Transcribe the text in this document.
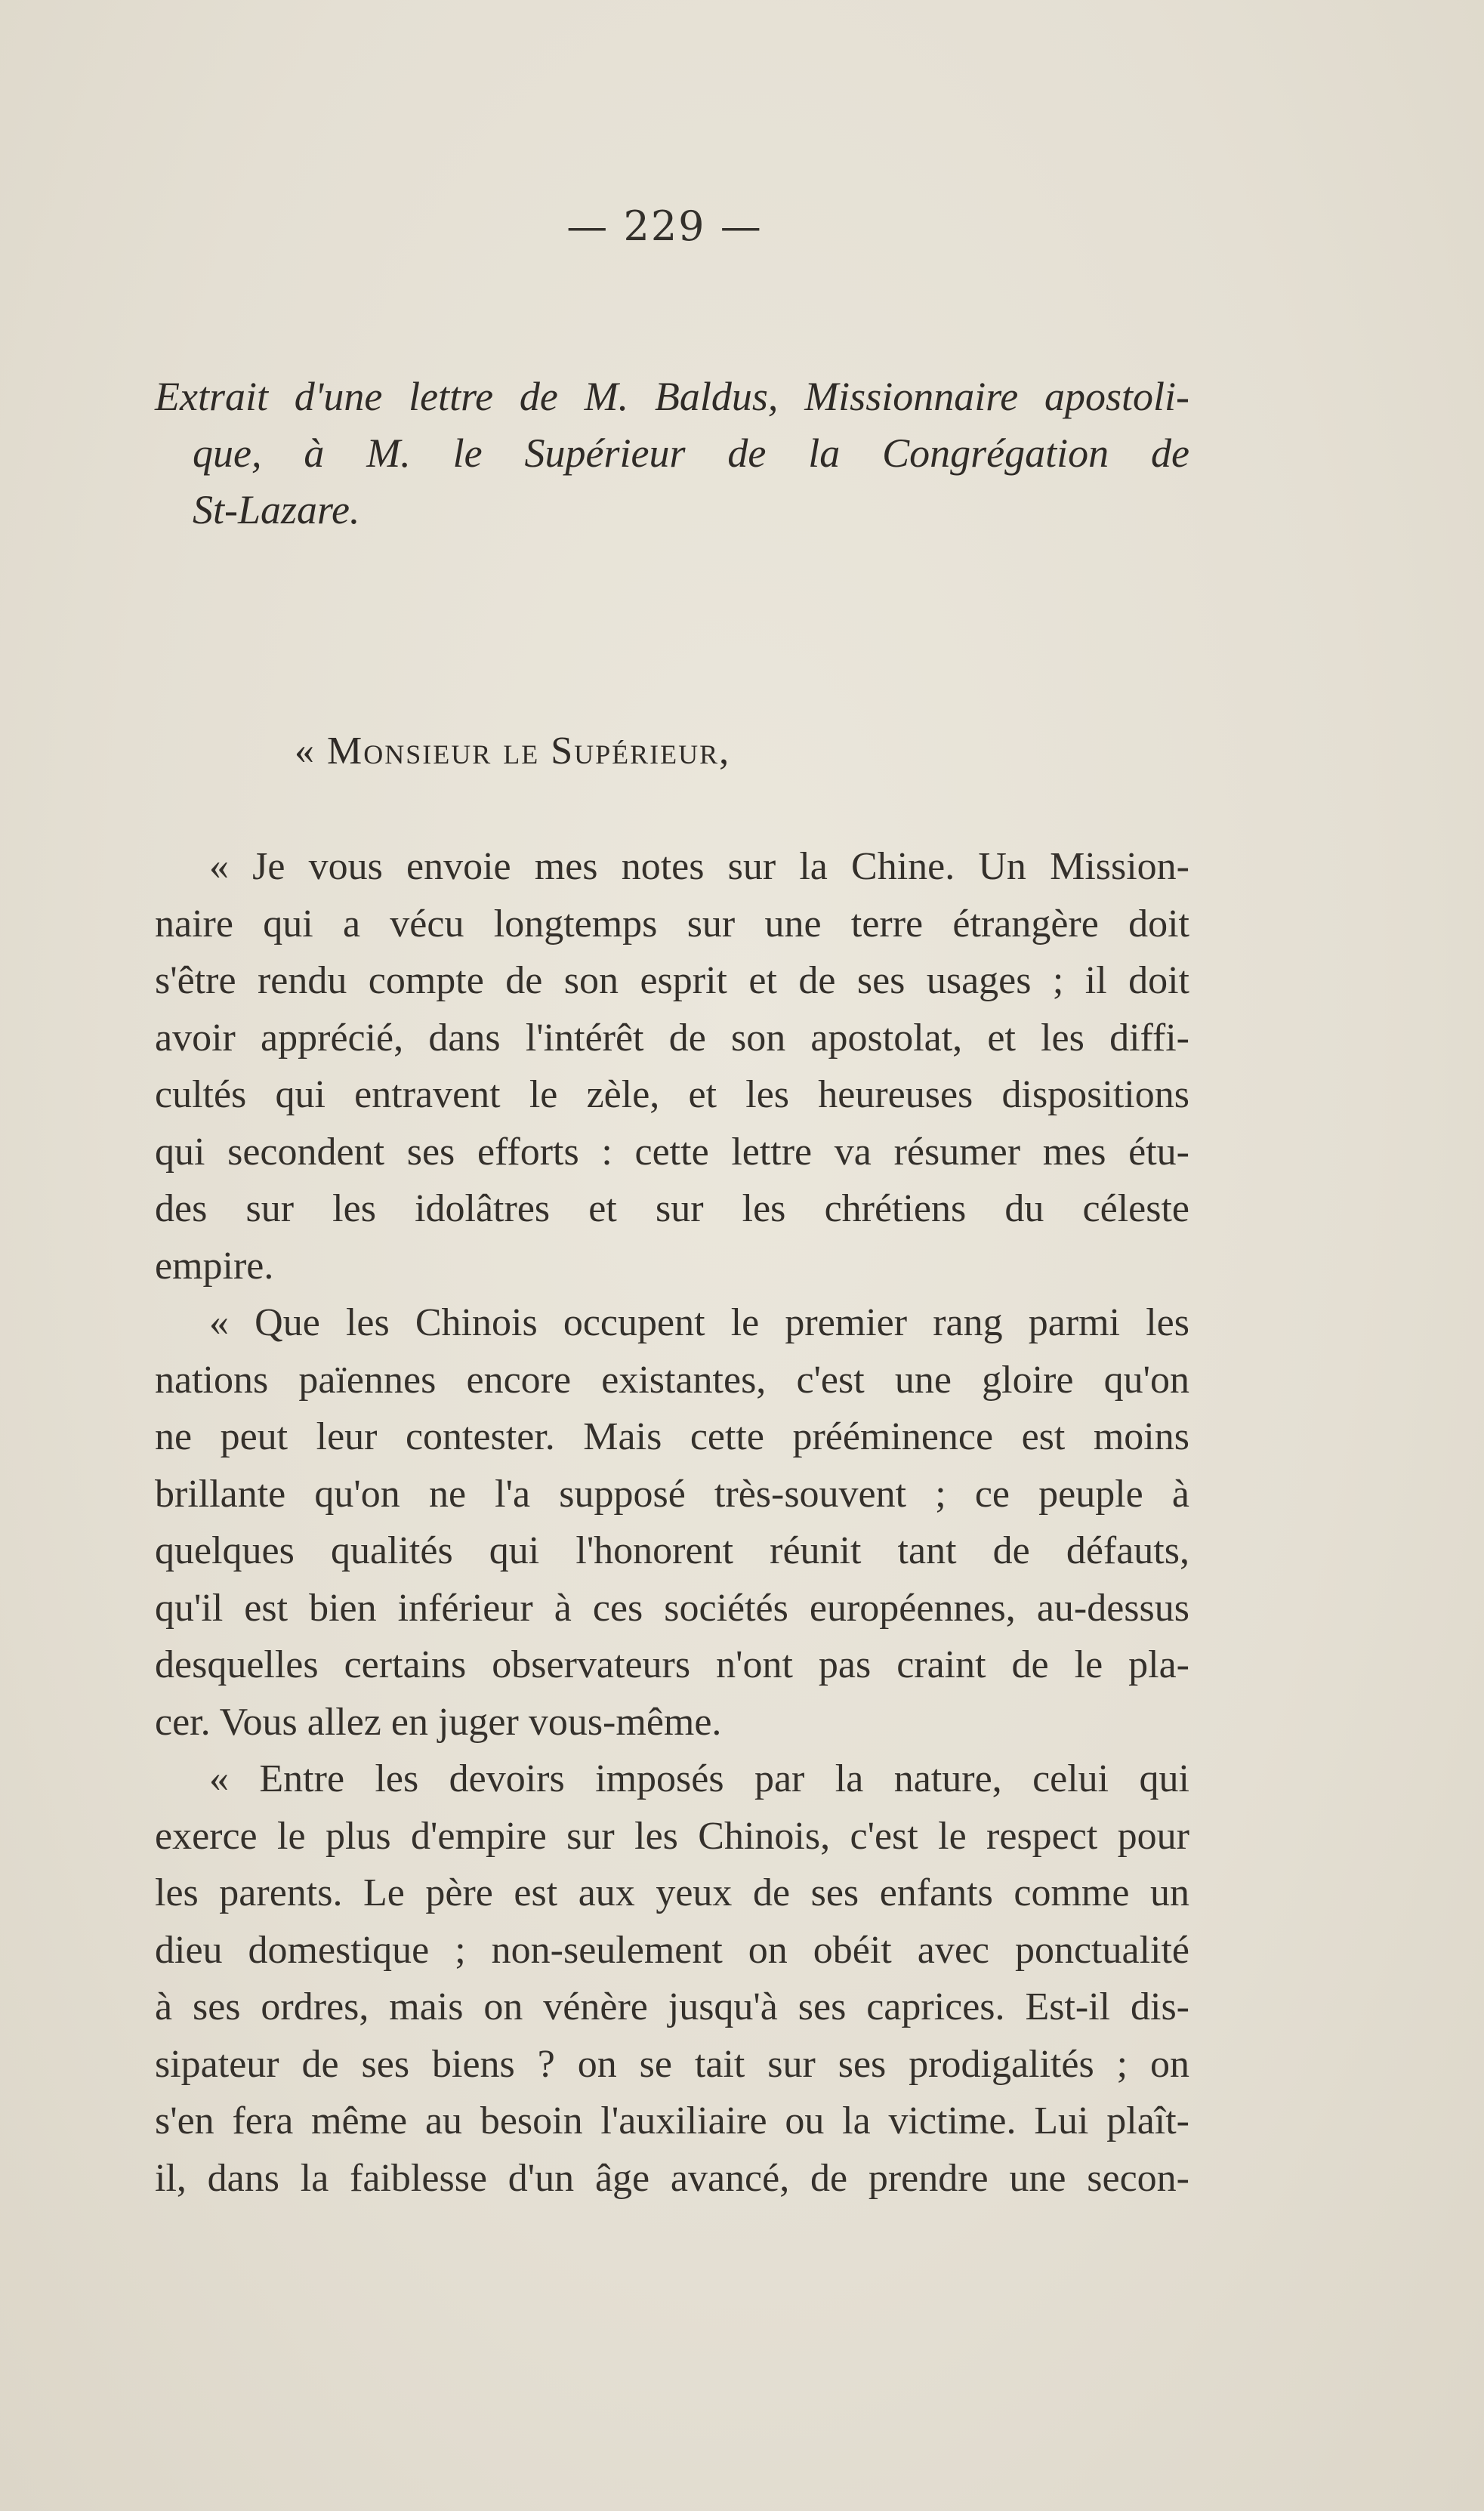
— 229 —
Extrait d'une lettre de M. Baldus, Missionnaire apostoli-
que, à M. le Supérieur de la Congrégation de
St-Lazare.
« Monsieur le Supérieur,
« Je vous envoie mes notes sur la Chine. Un Mission-
naire qui a vécu longtemps sur une terre étrangère doit
s'être rendu compte de son esprit et de ses usages ; il doit
avoir apprécié, dans l'intérêt de son apostolat, et les diffi-
cultés qui entravent le zèle, et les heureuses dispositions
qui secondent ses efforts : cette lettre va résumer mes étu-
des sur les idolâtres et sur les chrétiens du céleste
empire.
« Que les Chinois occupent le premier rang parmi les
nations païennes encore existantes, c'est une gloire qu'on
ne peut leur contester. Mais cette prééminence est moins
brillante qu'on ne l'a supposé très-souvent ; ce peuple à
quelques qualités qui l'honorent réunit tant de défauts,
qu'il est bien inférieur à ces sociétés européennes, au-dessus
desquelles certains observateurs n'ont pas craint de le pla-
cer. Vous allez en juger vous-même.
« Entre les devoirs imposés par la nature, celui qui
exerce le plus d'empire sur les Chinois, c'est le respect pour
les parents. Le père est aux yeux de ses enfants comme un
dieu domestique ; non-seulement on obéit avec ponctualité
à ses ordres, mais on vénère jusqu'à ses caprices. Est-il dis-
sipateur de ses biens ? on se tait sur ses prodigalités ; on
s'en fera même au besoin l'auxiliaire ou la victime. Lui plaît-
il, dans la faiblesse d'un âge avancé, de prendre une secon-
